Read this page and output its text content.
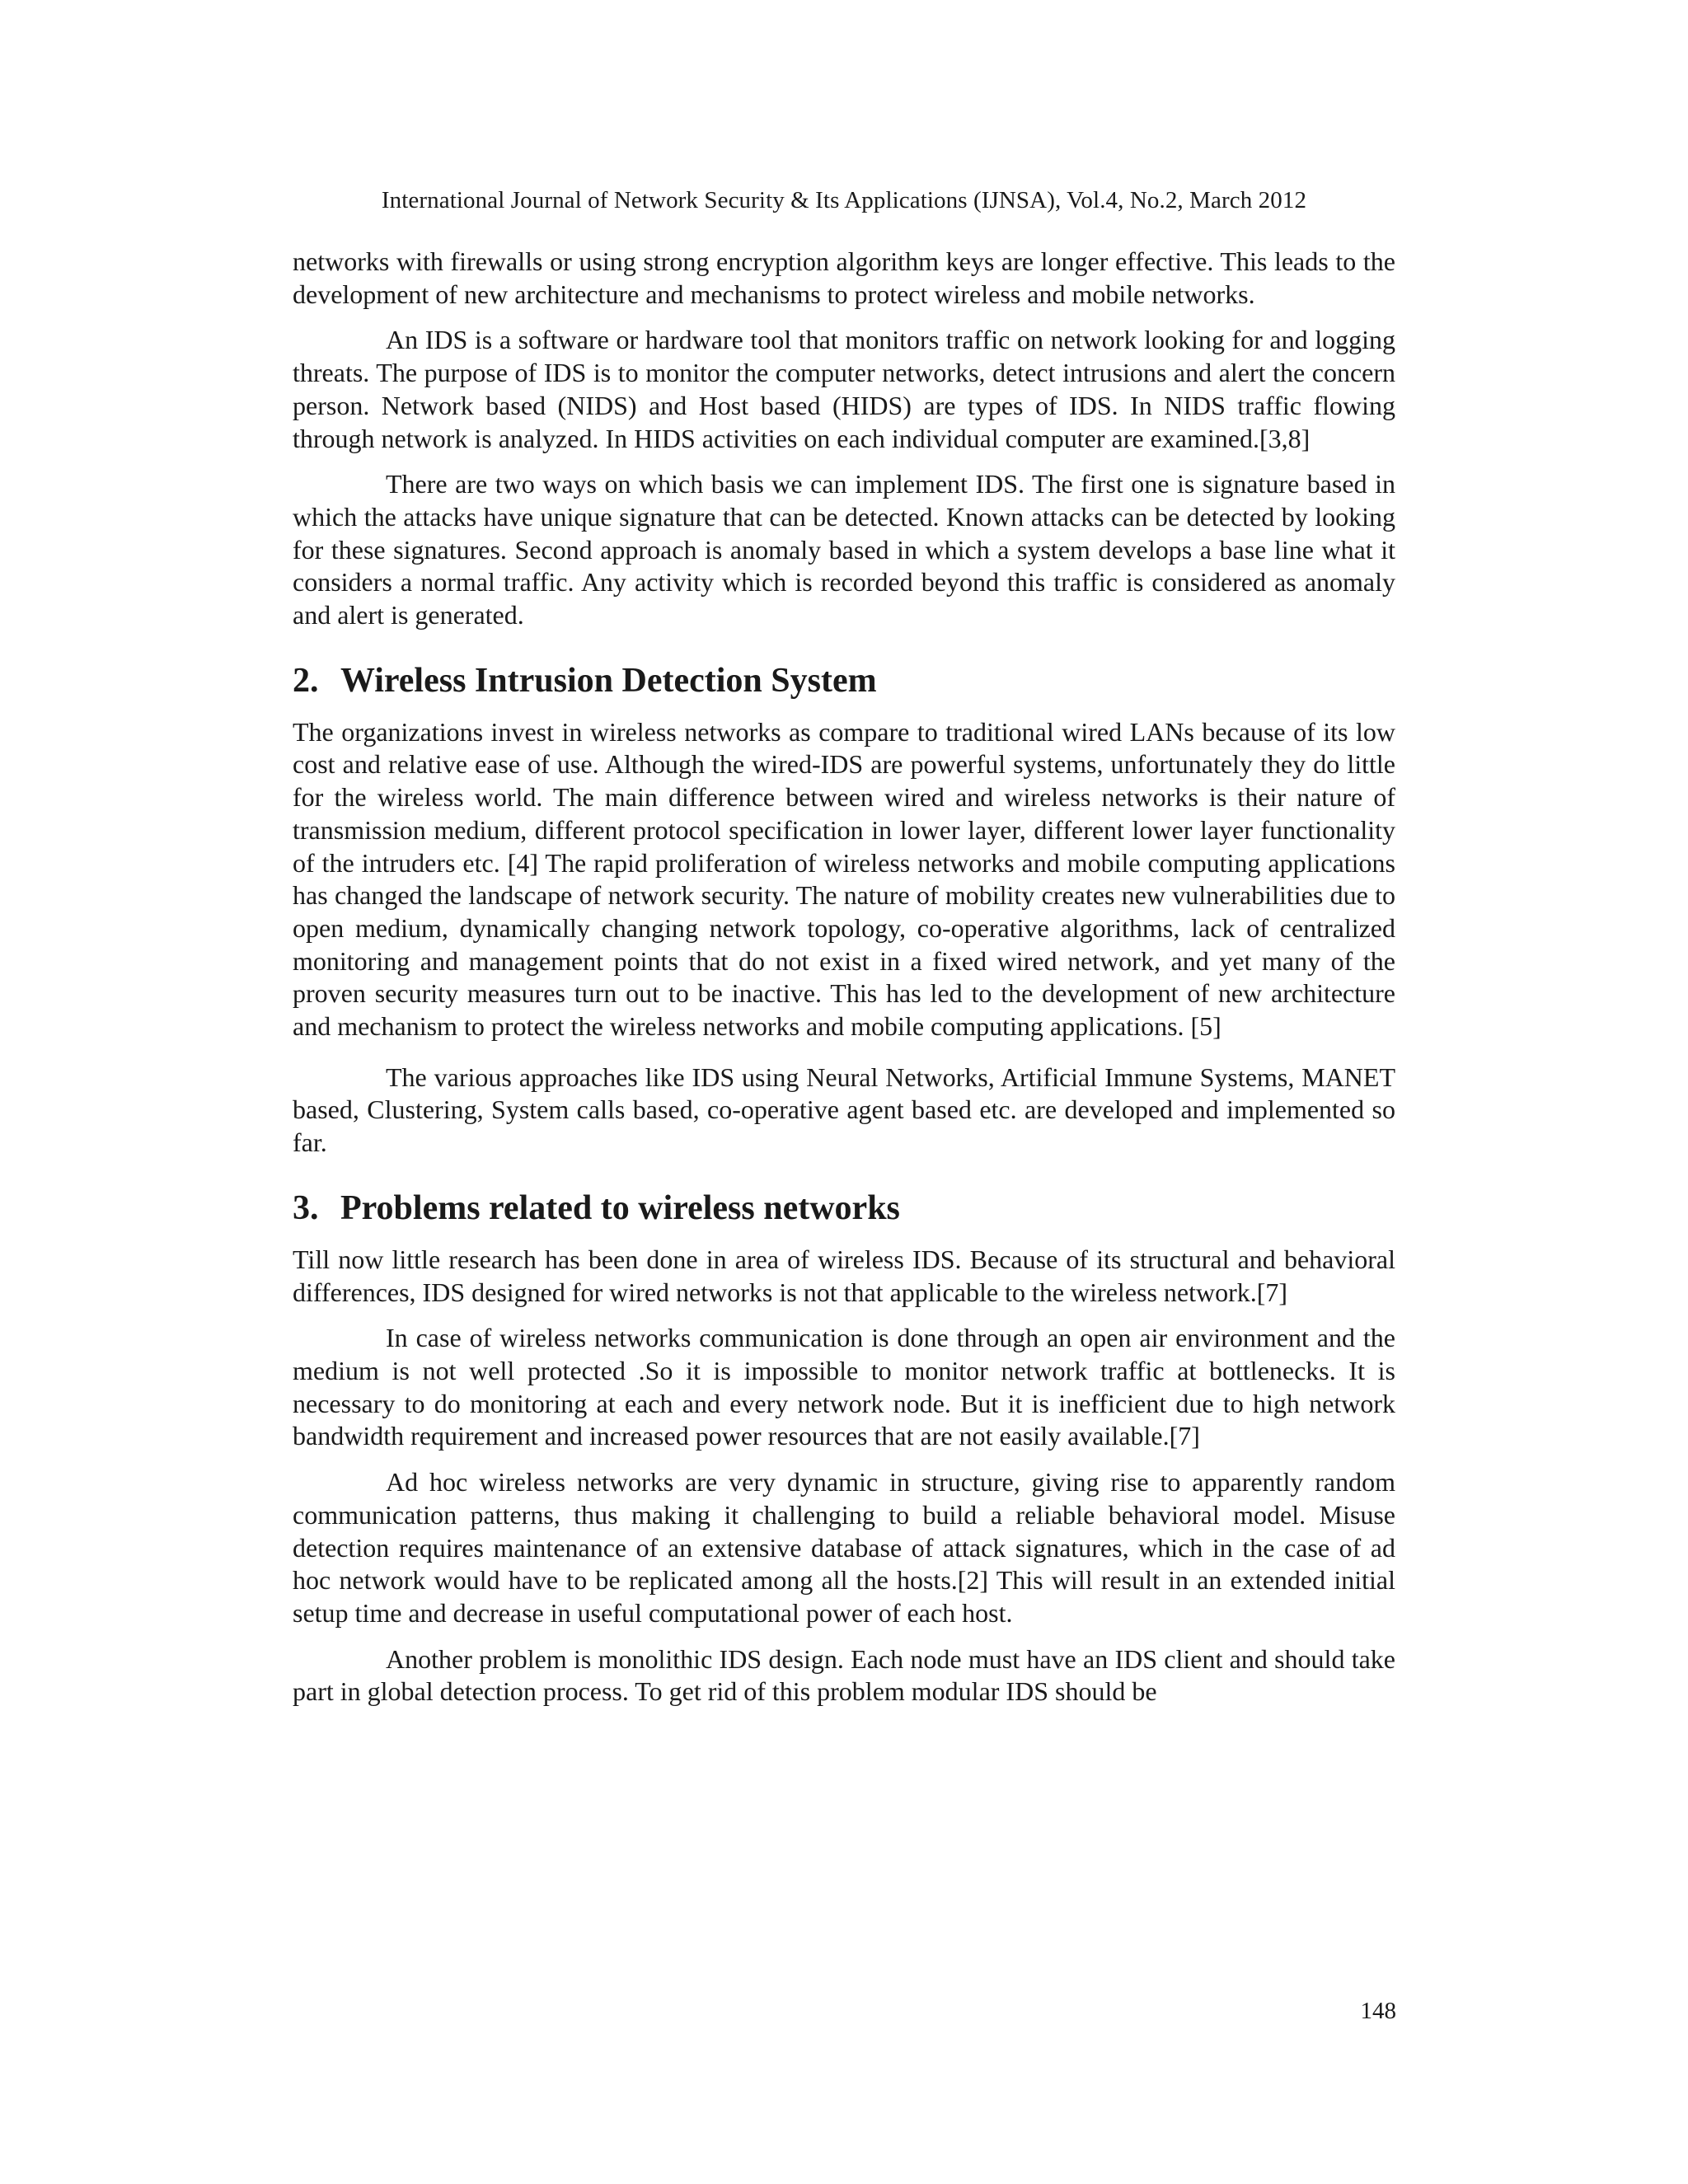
International Journal of Network Security & Its Applications (IJNSA), Vol.4, No.2, March 2012

networks with firewalls or using strong encryption algorithm keys are longer effective. This leads to the development of new architecture and mechanisms to protect wireless and mobile networks.

An IDS is a software or hardware tool that monitors traffic on network looking for and logging threats. The purpose of IDS is to monitor the computer networks, detect intrusions and alert the concern person. Network based (NIDS) and Host based (HIDS) are types of IDS. In NIDS traffic flowing through network is analyzed. In HIDS activities on each individual computer are examined.[3,8]

There are two ways on which basis we can implement IDS. The first one is signature based in which the attacks have unique signature that can be detected. Known attacks can be detected by looking for these signatures. Second approach is anomaly based in which a system develops a base line what it considers a normal traffic. Any activity which is recorded beyond this traffic is considered as anomaly and alert is generated.

2. Wireless Intrusion Detection System

The organizations invest in wireless networks as compare to traditional wired LANs because of its low cost and relative ease of use. Although the wired-IDS are powerful systems, unfortunately they do little for the wireless world. The main difference between wired and wireless networks is their nature of transmission medium, different protocol specification in lower layer, different lower layer functionality of the intruders etc. [4] The rapid proliferation of wireless networks and mobile computing applications has changed the landscape of network security. The nature of mobility creates new vulnerabilities due to open medium, dynamically changing network topology, co-operative algorithms, lack of centralized monitoring and management points that do not exist in a fixed wired network, and yet many of the proven security measures turn out to be inactive. This has led to the development of new architecture and mechanism to protect the wireless networks and mobile computing applications. [5]

The various approaches like IDS using Neural Networks, Artificial Immune Systems, MANET based, Clustering, System calls based, co-operative agent based etc. are developed and implemented so far.

3. Problems related to wireless networks

Till now little research has been done in area of wireless IDS. Because of its structural and behavioral differences, IDS designed for wired networks is not that applicable to the wireless network.[7]

In case of wireless networks communication is done through an open air environment and the medium is not well protected .So it is impossible to monitor network traffic at bottlenecks. It is necessary to do monitoring at each and every network node. But it is inefficient due to high network bandwidth requirement and increased power resources that are not easily available.[7]

Ad hoc wireless networks are very dynamic in structure, giving rise to apparently random communication patterns, thus making it challenging to build a reliable behavioral model. Misuse detection requires maintenance of an extensive database of attack signatures, which in the case of ad hoc network would have to be replicated among all the hosts.[2] This will result in an extended initial setup time and decrease in useful computational power of each host.

Another problem is monolithic IDS design. Each node must have an IDS client and should take part in global detection process. To get rid of this problem modular IDS should be

148
